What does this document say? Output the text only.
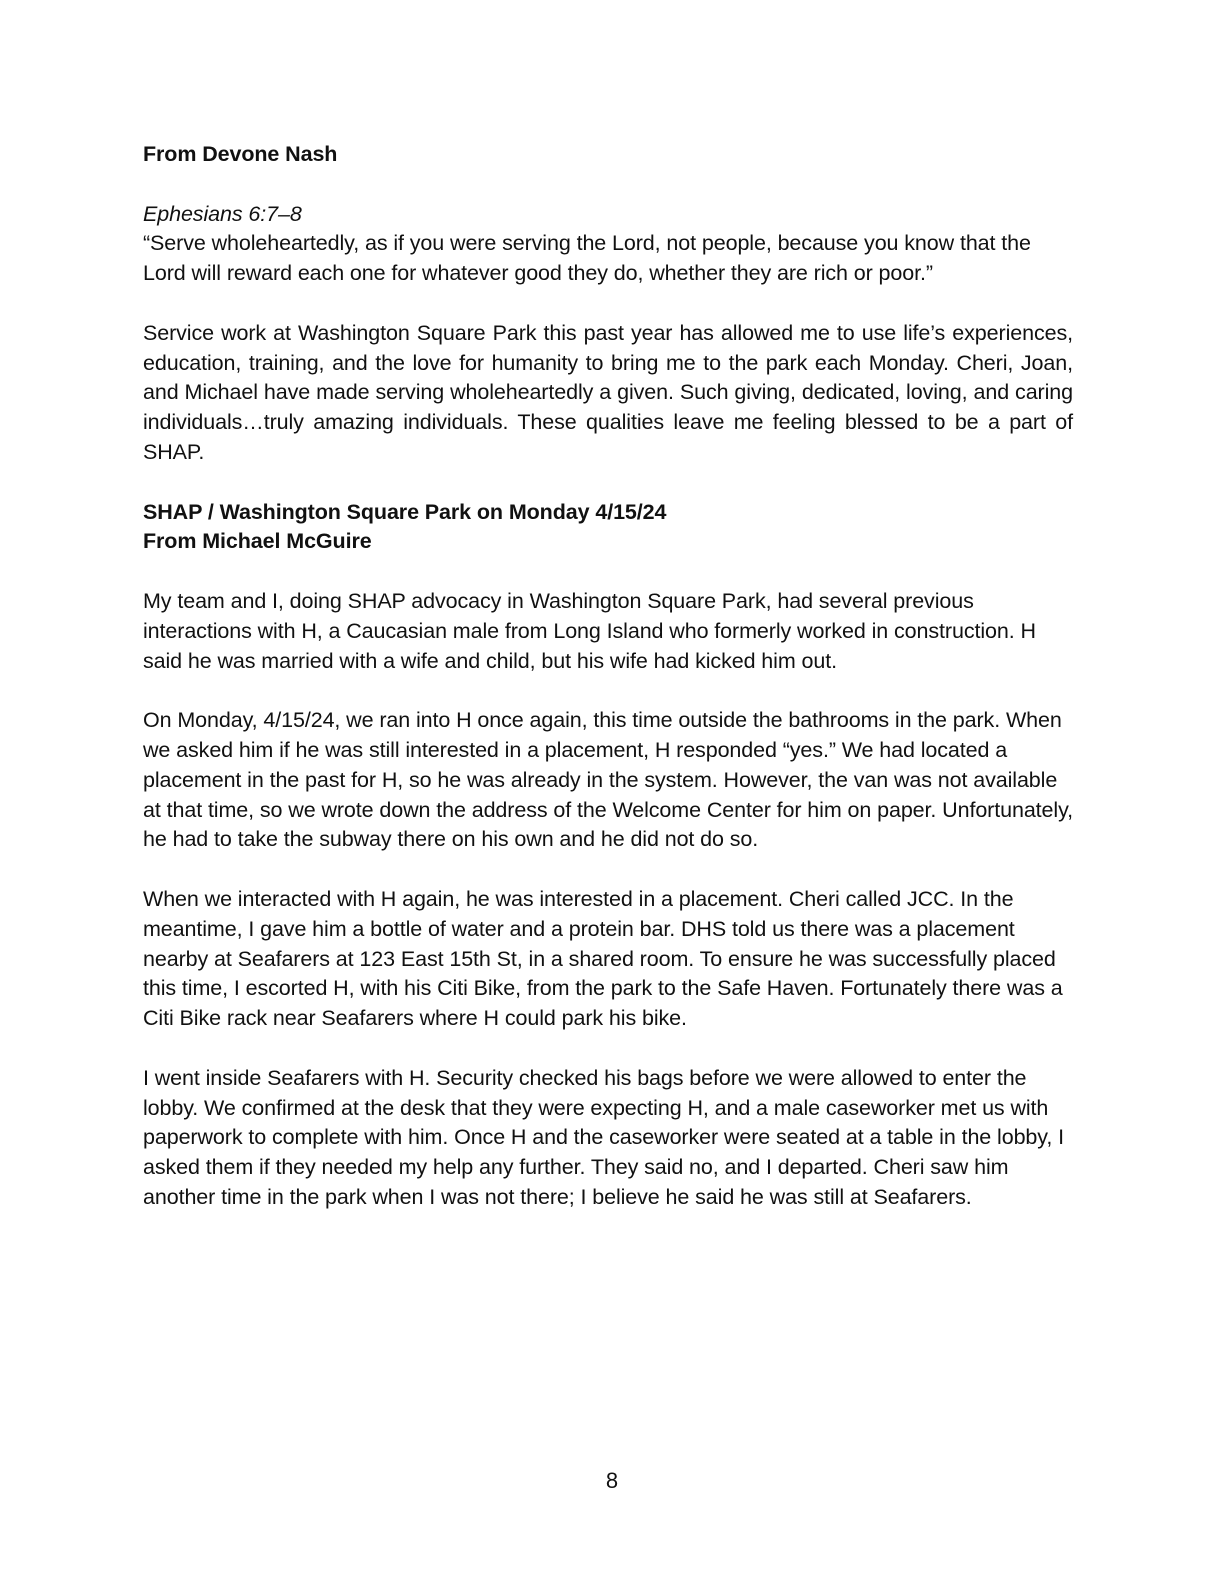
From Devone Nash

Ephesians 6:7–8

“Serve wholeheartedly, as if you were serving the Lord, not people, because you know that the Lord will reward each one for whatever good they do, whether they are rich or poor.”

Service work at Washington Square Park this past year has allowed me to use life’s experiences, education, training, and the love for humanity to bring me to the park each Monday. Cheri, Joan, and Michael have made serving wholeheartedly a given. Such giving, dedicated, loving, and caring individuals…truly amazing individuals. These qualities leave me feeling blessed to be a part of SHAP.

SHAP / Washington Square Park on Monday 4/15/24

From Michael McGuire

My team and I, doing SHAP advocacy in Washington Square Park, had several previous interactions with H, a Caucasian male from Long Island who formerly worked in construction. H said he was married with a wife and child, but his wife had kicked him out.

On Monday, 4/15/24, we ran into H once again, this time outside the bathrooms in the park. When we asked him if he was still interested in a placement, H responded “yes.” We had located a placement in the past for H, so he was already in the system. However, the van was not available at that time, so we wrote down the address of the Welcome Center for him on paper. Unfortunately, he had to take the subway there on his own and he did not do so.

When we interacted with H again, he was interested in a placement. Cheri called JCC. In the meantime, I gave him a bottle of water and a protein bar. DHS told us there was a placement nearby at Seafarers at 123 East 15th St, in a shared room. To ensure he was successfully placed this time, I escorted H, with his Citi Bike, from the park to the Safe Haven. Fortunately there was a Citi Bike rack near Seafarers where H could park his bike.

I went inside Seafarers with H. Security checked his bags before we were allowed to enter the lobby. We confirmed at the desk that they were expecting H, and a male caseworker met us with paperwork to complete with him. Once H and the caseworker were seated at a table in the lobby, I asked them if they needed my help any further. They said no, and I departed. Cheri saw him another time in the park when I was not there; I believe he said he was still at Seafarers.

8
